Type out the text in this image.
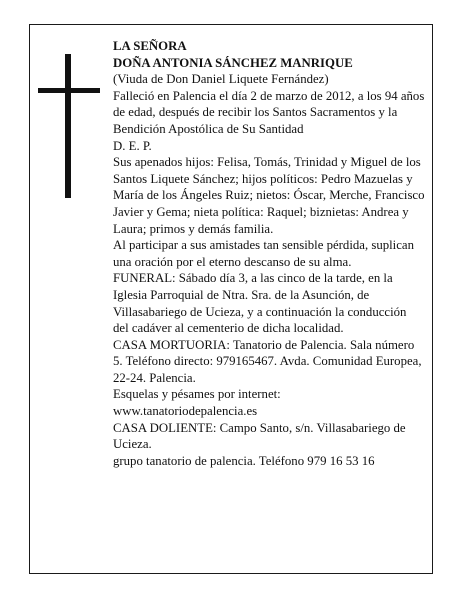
LA SEÑORA

DOÑA ANTONIA SÁNCHEZ MANRIQUE

(Viuda de Don Daniel Liquete Fernández)

Falleció en Palencia el día 2 de marzo de 2012, a los 94 años de edad, después de recibir los Santos Sacramentos y la Bendición Apostólica de Su Santidad

D. E. P.

Sus apenados hijos: Felisa, Tomás, Trinidad y Miguel de los Santos Liquete Sánchez; hijos políticos: Pedro Mazuelas y María de los Ángeles Ruiz; nietos: Óscar, Merche, Francisco Javier y Gema; nieta política: Raquel; biznietas: Andrea y Laura; primos y demás familia.

Al participar a sus amistades tan sensible pérdida, suplican una oración por el eterno descanso de su alma.

FUNERAL: Sábado día 3, a las cinco de la tarde, en la Iglesia Parroquial de Ntra. Sra. de la Asunción, de Villasabariego de Ucieza, y a continuación la conducción del cadáver al cementerio de dicha localidad.

CASA MORTUORIA: Tanatorio de Palencia. Sala número 5. Teléfono directo: 979165467. Avda. Comunidad Europea, 22-24. Palencia.

Esquelas y pésames por internet: www.tanatoriodepalencia.es

CASA DOLIENTE: Campo Santo, s/n. Villasabariego de Ucieza.

grupo tanatorio de palencia. Teléfono 979 16 53 16
